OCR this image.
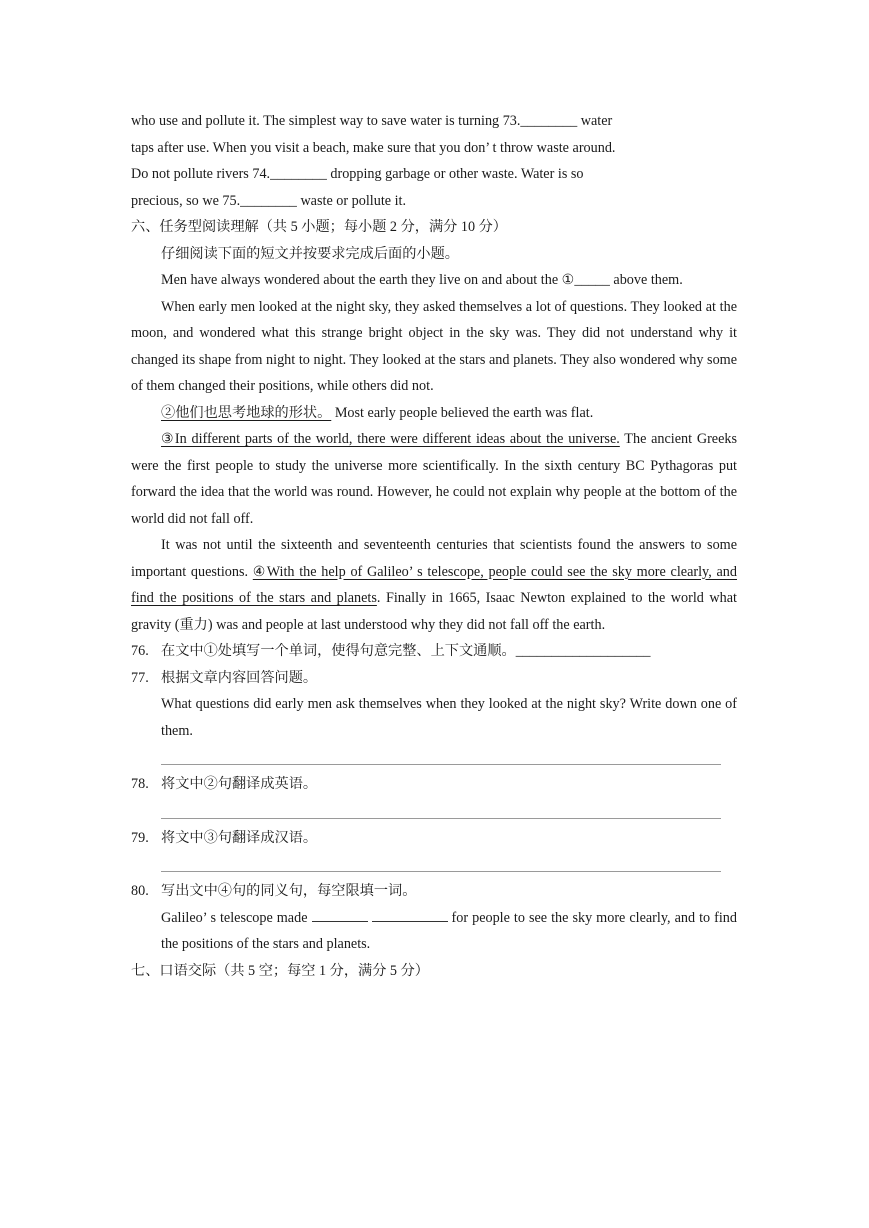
who use and pollute it. The simplest way to save water is turning 73.________ water

taps after use. When you visit a beach, make sure that you don’ t throw waste around.

Do not pollute rivers 74.________ dropping garbage or other waste. Water is so

precious, so we 75.________ waste or pollute it.

六、任务型阅读理解（共 5 小题；每小题 2 分，满分 10 分）

仔细阅读下面的短文并按要求完成后面的小题。

Men have always wondered about the earth they live on and about the ①_____ above them.

When early men looked at the night sky, they asked themselves a lot of questions. They looked at the moon, and wondered what this strange bright object in the sky was. They did not understand why it changed its shape from night to night. They looked at the stars and planets. They also wondered why some of them changed their positions, while others did not.

②他们也思考地球的形状。 Most early people believed the earth was flat.

③In different parts of the world, there were different ideas about the universe. The ancient Greeks were the first people to study the universe more scientifically. In the sixth century BC Pythagoras put forward the idea that the world was round. However, he could not explain why people at the bottom of the world did not fall off.

It was not until the sixteenth and seventeenth centuries that scientists found the answers to some important questions. ④With the help of Galileo’ s telescope, people could see the sky more clearly, and find the positions of the stars and planets. Finally in 1665, Isaac Newton explained to the world what gravity (重力) was and people at last understood why they did not fall off the earth.

76. 在文中①处填写一个单词，使得句意完整、上下文通顺。___________________
77. 根据文章内容回答问题。

What questions did early men ask themselves when they looked at the night sky? Write down one of them.

78. 将文中②句翻译成英语。
79. 将文中③句翻译成汉语。
80. 写出文中④句的同义句，每空限填一词。

Galileo’ s telescope made	for people to see the sky more clearly, and to find the positions of the stars and planets.

七、口语交际（共 5 空；每空 1 分，满分 5 分）
